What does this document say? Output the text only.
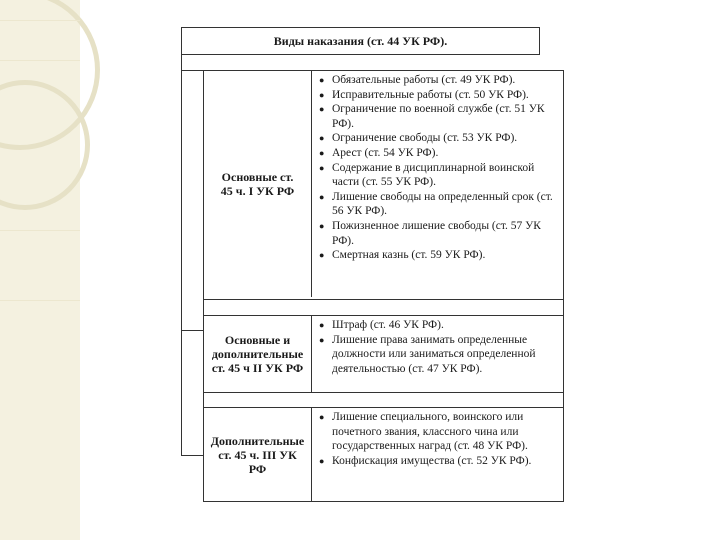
Виды наказания (ст. 44 УК РФ).
Основные ст. 45 ч. I УК РФ
● Обязательные работы (ст. 49 УК РФ).
● Исправительные работы (ст. 50 УК РФ).
● Ограничение по военной службе (ст. 51 УК РФ).
● Ограничение свободы (ст. 53 УК РФ).
● Арест (ст. 54 УК РФ).
● Содержание в дисциплинарной воинской части (ст. 55 УК РФ).
● Лишение свободы на определенный срок (ст. 56 УК РФ).
● Пожизненное лишение свободы (ст. 57 УК РФ).
● Смертная казнь (ст. 59 УК РФ).
Основные и дополнительные ст. 45 ч II УК РФ
● Штраф (ст. 46 УК РФ).
● Лишение права занимать определенные должности или заниматься определенной деятельностью (ст. 47 УК РФ).
Дополнительные ст. 45 ч. III УК РФ
● Лишение специального, воинского или почетного звания, классного чина или государственных наград (ст. 48 УК РФ).
● Конфискация имущества (ст. 52 УК РФ).
